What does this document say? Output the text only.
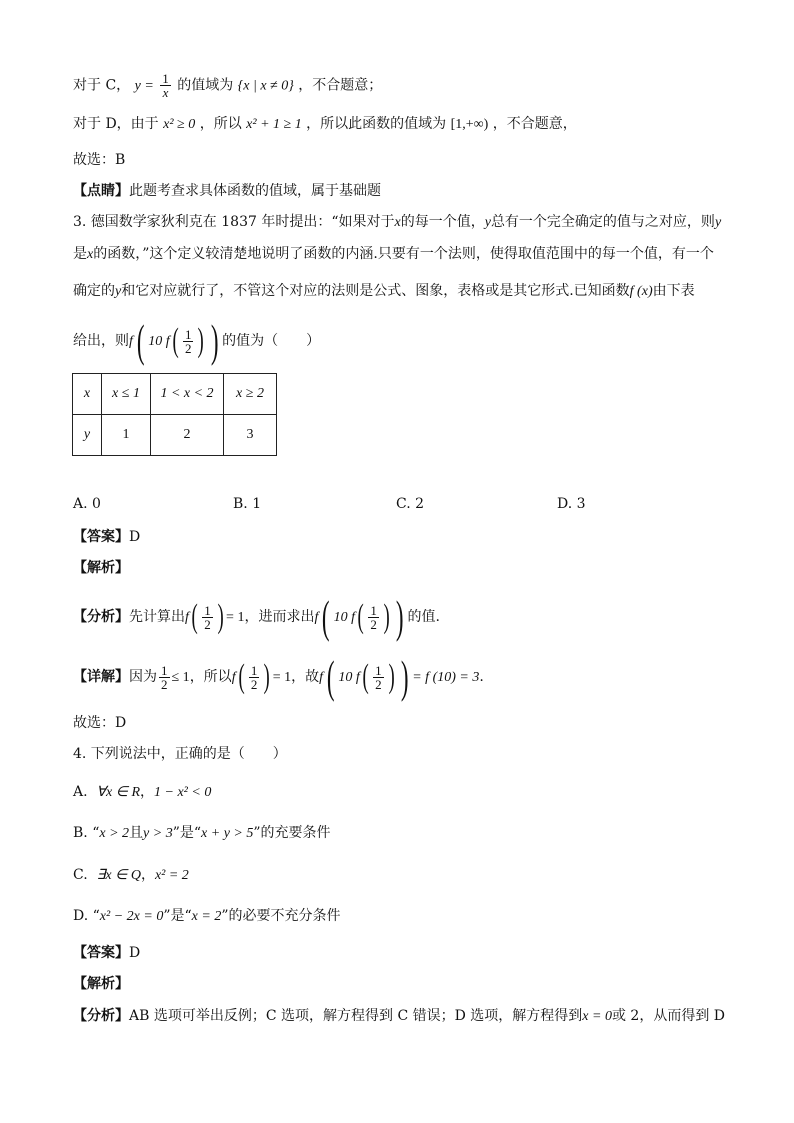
对于 C， $y = \frac{1}{x}$ 的值域为 {x | x ≠ 0} ，不合题意；
对于 D，由于 x² ≥ 0 ，所以 x² + 1 ≥ 1 ，所以此函数的值域为 [1,+∞) ，不合题意，
故选：B
【点睛】此题考查求具体函数的值域，属于基础题
3. 德国数学家狄利克在 1837 年时提出：“如果对于x的每一个值，y总有一个完全确定的值与之对应，则y
是x的函数，”这个定义较清楚地说明了函数的内涵.只要有一个法则，使得取值范围中的每一个值，有一个
确定的y和它对应就行了，不管这个对应的法则是公式、图象，表格或是其它形式.已知函数f (x)由下表
给出，则f( 10 $f( \frac{1}{2}$ ) ) 的值为（　　）
x	x ≤ 1	1 < x < 2	x ≥ 2
y	1	2	3
A. 0	B. 1	C. 2	D. 3
【答案】D
【解析】
【分析】先计算出$f( \frac{1}{2}$ ) = 1，进而求出f( 10 $f( \frac{1}{2}$ ) ) 的值.
【详解】因为 $\frac{1}{2} \le 1$，所以$f( \frac{1}{2}$ ) = 1，故f( 10 $f( \frac{1}{2}$ ) ) = f (10) = 3.
故选：D
4. 下列说法中，正确的是（　　）
A. ∀x ∈ R，1 − x² < 0
B. “x > 2且y > 3”是“x + y > 5”的充要条件
C. ∃x ∈ Q，x² = 2
D. “x² − 2x = 0”是“x = 2”的必要不充分条件
【答案】D
【解析】
【分析】AB 选项可举出反例；C 选项，解方程得到 C 错误；D 选项，解方程得到x = 0或 2，从而得到 D
